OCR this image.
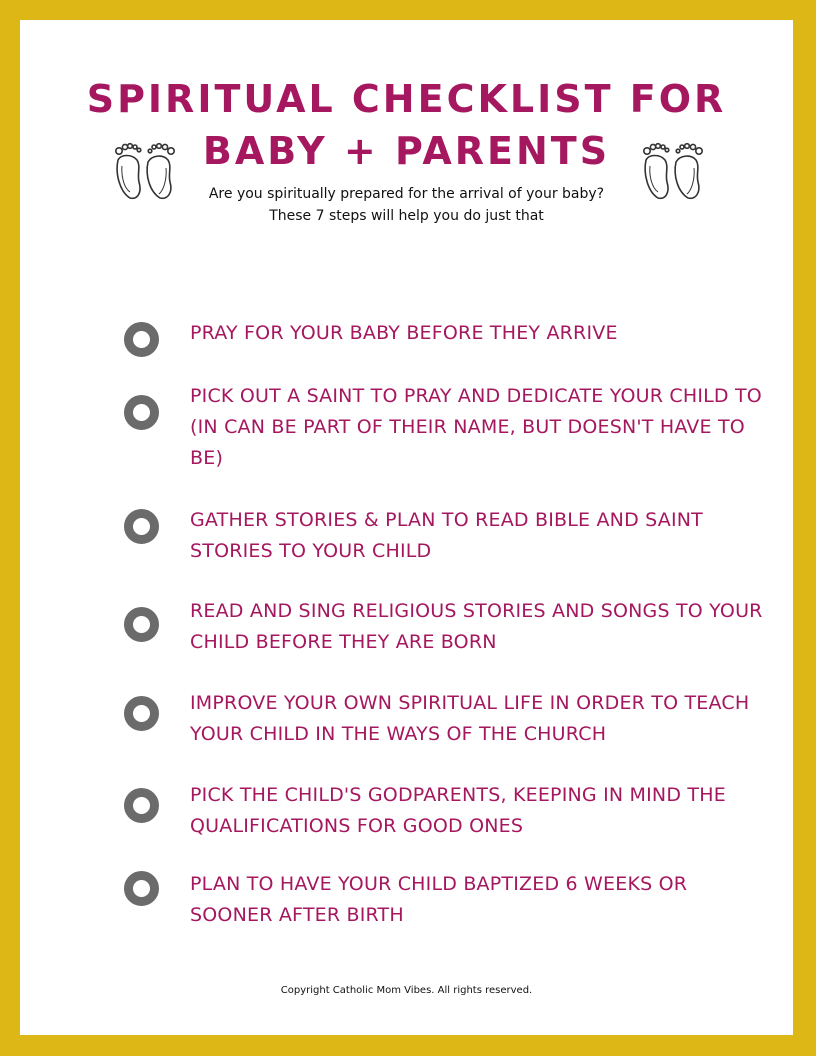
SPIRITUAL CHECKLIST FOR
BABY + PARENTS
Are you spiritually prepared for the arrival of your baby?
These 7 steps will help you do just that
PRAY FOR YOUR BABY BEFORE THEY ARRIVE
PICK OUT A SAINT TO PRAY AND DEDICATE YOUR CHILD TO (IN CAN BE PART OF THEIR NAME, BUT DOESN'T HAVE TO BE)
GATHER STORIES & PLAN TO READ BIBLE AND SAINT STORIES TO YOUR CHILD
READ AND SING RELIGIOUS STORIES AND SONGS TO YOUR CHILD BEFORE THEY ARE BORN
IMPROVE YOUR OWN SPIRITUAL LIFE IN ORDER TO TEACH YOUR CHILD IN THE WAYS OF THE CHURCH
PICK THE CHILD'S GODPARENTS, KEEPING IN MIND THE QUALIFICATIONS FOR GOOD ONES
PLAN TO HAVE YOUR CHILD BAPTIZED 6 WEEKS OR SOONER AFTER BIRTH
Copyright Catholic Mom Vibes. All rights reserved.
